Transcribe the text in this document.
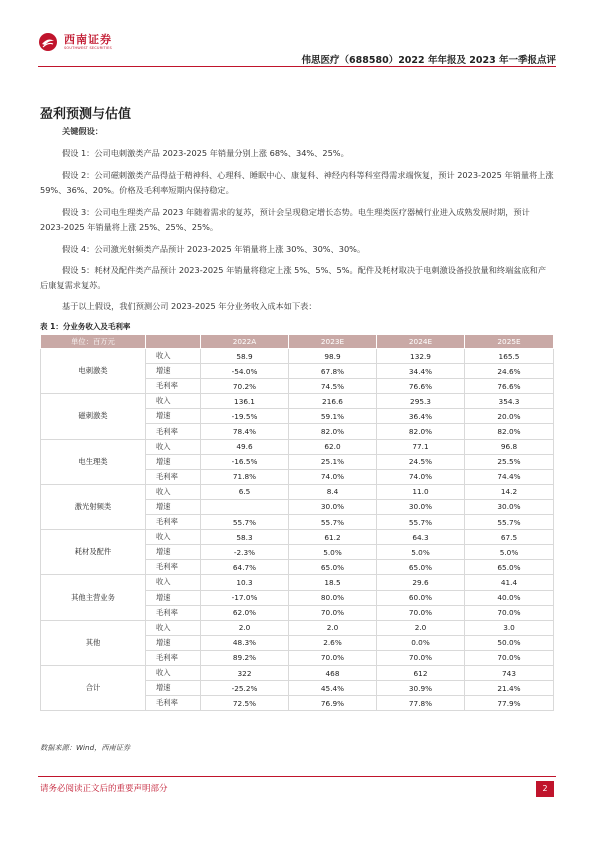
西南证券
SOUTHWEST SECURITIES
伟思医疗（688580）2022 年年报及 2023 年一季报点评
盈利预测与估值
关键假设：
假设 1：公司电刺激类产品 2023-2025 年销量分别上涨 68%、34%、25%。
假设 2：公司磁刺激类产品得益于精神科、心理科、睡眠中心、康复科、神经内科等科室得需求端恢复，预计 2023-2025 年销量将上涨 59%、36%、20%。价格及毛利率短期内保持稳定。
假设 3：公司电生理类产品 2023 年随着需求的复苏，预计会呈现稳定增长态势。电生理类医疗器械行业进入成熟发展时期，预计 2023-2025 年销量将上涨 25%、25%、25%。
假设 4：公司激光射频类产品预计 2023-2025 年销量将上涨 30%、30%、30%。
假设 5：耗材及配件类产品预计 2023-2025 年销量将稳定上涨 5%、5%、5%。配件及耗材取决于电刺激设备投放量和终端盆底和产后康复需求复苏。
基于以上假设，我们预测公司 2023-2025 年分业务收入成本如下表：
表 1：分业务收入及毛利率
单位：百万元		2022A	2023E	2024E	2025E
电刺激类	收入	58.9	98.9	132.9	165.5
	增速	-54.0%	67.8%	34.4%	24.6%
	毛利率	70.2%	74.5%	76.6%	76.6%
磁刺激类	收入	136.1	216.6	295.3	354.3
	增速	-19.5%	59.1%	36.4%	20.0%
	毛利率	78.4%	82.0%	82.0%	82.0%
电生理类	收入	49.6	62.0	77.1	96.8
	增速	-16.5%	25.1%	24.5%	25.5%
	毛利率	71.8%	74.0%	74.0%	74.4%
激光射频类	收入	6.5	8.4	11.0	14.2
	增速		30.0%	30.0%	30.0%
	毛利率	55.7%	55.7%	55.7%	55.7%
耗材及配件	收入	58.3	61.2	64.3	67.5
	增速	-2.3%	5.0%	5.0%	5.0%
	毛利率	64.7%	65.0%	65.0%	65.0%
其他主营业务	收入	10.3	18.5	29.6	41.4
	增速	-17.0%	80.0%	60.0%	40.0%
	毛利率	62.0%	70.0%	70.0%	70.0%
其他	收入	2.0	2.0	2.0	3.0
	增速	48.3%	2.6%	0.0%	50.0%
	毛利率	89.2%	70.0%	70.0%	70.0%
合计	收入	322	468	612	743
	增速	-25.2%	45.4%	30.9%	21.4%
	毛利率	72.5%	76.9%	77.8%	77.9%
数据来源：Wind，西南证券
请务必阅读正文后的重要声明部分	2
